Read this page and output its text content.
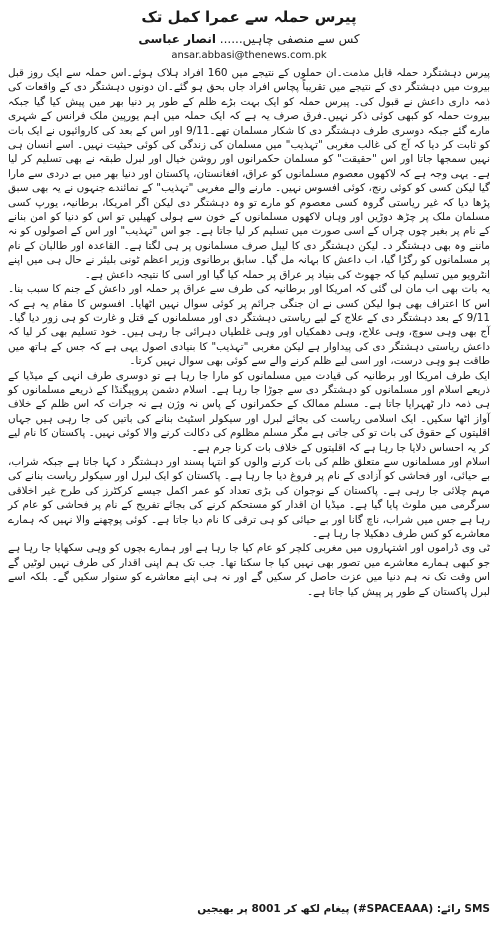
پیرس حملہ سے عمرا کمل تک
کس سے منصفی چاہیں...... انصار عباسی
ansar.abbasi@thenews.com.pk

پیرس دہشتگرد حملہ قابل مذمت۔ان حملوں کے نتیجے میں 160 افراد ہلاک ہوئے۔اس حملہ سے ایک روز قبل بیروت میں دہشتگر دی کے نتیجے میں تقریباً پچاس افراد جاں بحق ہو گئے۔ان دونوں دہشتگر دی کے واقعات کی ذمہ داری داعش نے قبول کی۔ پیرس حملہ کو ایک بہت بڑے ظلم کے طور پر دنیا بھر میں پیش کیا گیا جبکہ بیروت حملہ کو کبھی کوئی ذکر نہیں۔فرق صرف یہ ہے کہ ایک حملہ میں اہم یورپین ملک فرانس کے شہری مارے گئے جبکہ دوسری طرف دہشتگر دی کا شکار مسلمان تھے۔9/11 اور اس کے بعد کی کاروائیوں نے ایک بات کو ثابت کر دیا کہ آج کی غالب مغربی "تہذیب" میں مسلمان کی زندگی کی کوئی حیثیت نہیں۔ اسے انسان ہی نہیں سمجھا جاتا اور اس "حقیقت" کو مسلمان حکمرانوں اور روشن خیال اور لبرل طبقہ نے بھی تسلیم کر لیا ہے۔ یہی وجہ ہے کہ لاکھوں معصوم مسلمانوں کو عراق، افغانستان، پاکستان اور دنیا بھر میں بے دردی سے مارا گیا لیکن کسی کو کوئی رنج، کوئی افسوس نہیں۔ مارنے والے مغربی "تہذیب" کے نمائندے جنہوں نے یہ بھی سبق پڑھا دیا کہ غیر ریاستی گروہ کسی معصوم کو مارے تو وہ دہشتگر دی لیکن اگر امریکا، برطانیہ، یورپ کسی مسلمان ملک پر چڑھ دوڑیں اور وہاں لاکھوں مسلمانوں کے خون سے ہولی کھیلیں تو اس کو دنیا کو امن بنانے کے نام پر بغیر چوں چراں کے اسی صورت میں تسلیم کر لیا جاتا ہے۔ جو اس "تہذیب" اور اس کے اصولوں کو نہ ماننے وہ بھی دہشتگر د۔ لیکن دہشتگر دی کا لیبل صرف مسلمانوں پر ہی لگتا ہے۔ القاعدہ اور طالبان کے نام پر مسلمانوں کو رگڑا گیا، اب داعش کا بہانہ مل گیا۔ سابق برطانوی وزیر اعظم ٹونی بلیئر نے حال ہی میں اپنے انٹرویو میں تسلیم کیا کہ جھوٹ کی بنیاد پر عراق پر حملہ کیا گیا اور اسی کا نتیجہ داعش ہے۔

یہ بات بھی اب مان لی گئی کہ امریکا اور برطانیہ کی طرف سے عراق پر حملہ اور داعش کے جنم کا سبب بنا۔ اس کا اعتراف بھی ہوا لیکن کسی نے ان جنگی جرائم پر کوئی سوال نہیں اٹھایا۔ افسوس کا مقام یہ ہے کہ 9/11 کے بعد دہشتگر دی کے علاج کے لیے ریاستی دہشتگر دی اور مسلمانوں کے قتل و غارت کو ہی زور دیا گیا۔ آج بھی وہی سوچ، وہی علاج، وہی دھمکیاں اور وہی غلطیاں دہرائی جا رہی ہیں۔ خود تسلیم بھی کر لیا کہ داعش ریاستی دہشتگر دی کی پیداوار ہے لیکن مغربی "تہذیب" کا بنیادی اصول یہی ہے کہ جس کے ہاتھ میں طاقت ہو وہی درست، اور اسی لیے ظلم کرنے والے سے کوئی بھی سوال نہیں کرتا۔

ایک طرف امریکا اور برطانیہ کی قیادت میں مسلمانوں کو مارا جا رہا ہے تو دوسری طرف انہی کے میڈیا کے ذریعے اسلام اور مسلمانوں کو دہشتگر دی سے جوڑا جا رہا ہے۔ اسلام دشمن پروپیگنڈا کے ذریعے مسلمانوں کو ہی ذمہ دار ٹھہرایا جاتا ہے۔ مسلم ممالک کے حکمرانوں کے پاس نہ وژن ہے نہ جرات کہ اس ظلم کے خلاف آواز اٹھا سکیں۔ ایک اسلامی ریاست کی بجائے لبرل اور سیکولر اسٹیٹ بنانے کی باتیں کی جا رہی ہیں جہاں اقلیتوں کے حقوق کی بات تو کی جاتی ہے مگر مسلم مظلوم کی دکالت کرنے والا کوئی نہیں۔ پاکستان کا نام لیے کر یہ احساس دلایا جا رہا ہے کہ اقلیتوں کے خلاف بات کرنا جرم ہے۔

اسلام اور مسلمانوں سے متعلق ظلم کی بات کرنے والوں کو انتہا پسند اور دہشتگر د کہا جاتا ہے جبکہ شراب، بے حیائی، اور فحاشی کو آزادی کے نام پر فروغ دیا جا رہا ہے۔ پاکستان کو ایک لبرل اور سیکولر ریاست بنانے کی مہم چلائی جا رہی ہے۔ پاکستان کے نوجوان کی بڑی تعداد کو عمر اکمل جیسے کرکٹرز کی طرح غیر اخلاقی سرگرمی میں ملوث پایا گیا ہے۔ میڈیا ان اقدار کو مستحکم کرنے کی بجائے تفریح کے نام پر فحاشی کو عام کر رہا ہے جس میں شراب، ناچ گانا اور بے حیائی کو ہی ترقی کا نام دیا جاتا ہے۔ کوئی پوچھنے والا نہیں کہ ہمارے معاشرے کو کس طرف دھکیلا جا رہا ہے۔

ٹی وی ڈراموں اور اشتہاروں میں مغربی کلچر کو عام کیا جا رہا ہے اور ہمارے بچوں کو وہی سکھایا جا رہا ہے جو کبھی ہمارے معاشرے میں تصور بھی نہیں کیا جا سکتا تھا۔ جب تک ہم اپنی اقدار کی طرف نہیں لوٹیں گے اس وقت تک نہ ہم دنیا میں عزت حاصل کر سکیں گے اور نہ ہی اپنے معاشرے کو سنوار سکیں گے۔ بلکہ اسے لبرل پاکستان کے طور پر پیش کیا جاتا ہے۔

SMS رائے: (SPACEAAA#) پیغام لکھ کر 8001 پر بھیجیں
